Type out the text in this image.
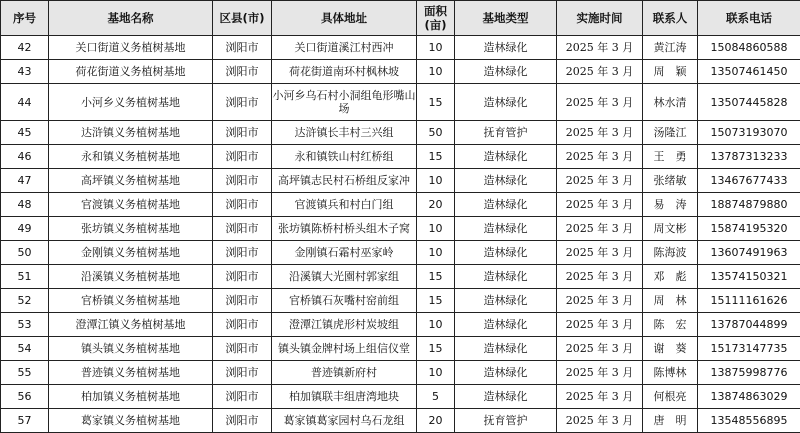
序号	基地名称	区县(市)	具体地址	面积(亩)	基地类型	实施时间	联系人	联系电话
42	关口街道义务植树基地	浏阳市	关口街道溪江村西冲	10	造林绿化	2025 年 3 月	黄江涛	15084860588
43	荷花街道义务植树基地	浏阳市	荷花街道南环村枫林坡	10	造林绿化	2025 年 3 月	周　颖	13507461450
44	小河乡义务植树基地	浏阳市	小河乡乌石村小洞组龟形嘴山场	15	造林绿化	2025 年 3 月	林水清	13507445828
45	达浒镇义务植树基地	浏阳市	达浒镇长丰村三兴组	50	抚育管护	2025 年 3 月	汤隆江	15073193070
46	永和镇义务植树基地	浏阳市	永和镇铁山村红桥组	15	造林绿化	2025 年 3 月	王　勇	13787313233
47	高坪镇义务植树基地	浏阳市	高坪镇志民村石桥组反家冲	10	造林绿化	2025 年 3 月	张绪敏	13467677433
48	官渡镇义务植树基地	浏阳市	官渡镇兵和村白门组	20	造林绿化	2025 年 3 月	易　涛	18874879880
49	张坊镇义务植树基地	浏阳市	张坊镇陈桥村桥头组木子窝	10	造林绿化	2025 年 3 月	周文彬	15874195320
50	金刚镇义务植树基地	浏阳市	金刚镇石霜村巫家岭	10	造林绿化	2025 年 3 月	陈海波	13607491963
51	沿溪镇义务植树基地	浏阳市	沿溪镇大光園村郭家组	15	造林绿化	2025 年 3 月	邓　彪	13574150321
52	官桥镇义务植树基地	浏阳市	官桥镇石灰嘴村窑前组	15	造林绿化	2025 年 3 月	周　林	15111161626
53	澄潭江镇义务植树基地	浏阳市	澄潭江镇虎形村炭坡组	10	造林绿化	2025 年 3 月	陈　宏	13787044899
54	镇头镇义务植树基地	浏阳市	镇头镇金牌村场上组信仪堂	15	造林绿化	2025 年 3 月	谢　葵	15173147735
55	普迹镇义务植树基地	浏阳市	普迹镇新府村	10	造林绿化	2025 年 3 月	陈博林	13875998776
56	柏加镇义务植树基地	浏阳市	柏加镇联丰组唐湾地块	5	造林绿化	2025 年 3 月	何根亮	13874863029
57	葛家镇义务植树基地	浏阳市	葛家镇葛家园村乌石龙组	20	抚育管护	2025 年 3 月	唐　明	13548556895
